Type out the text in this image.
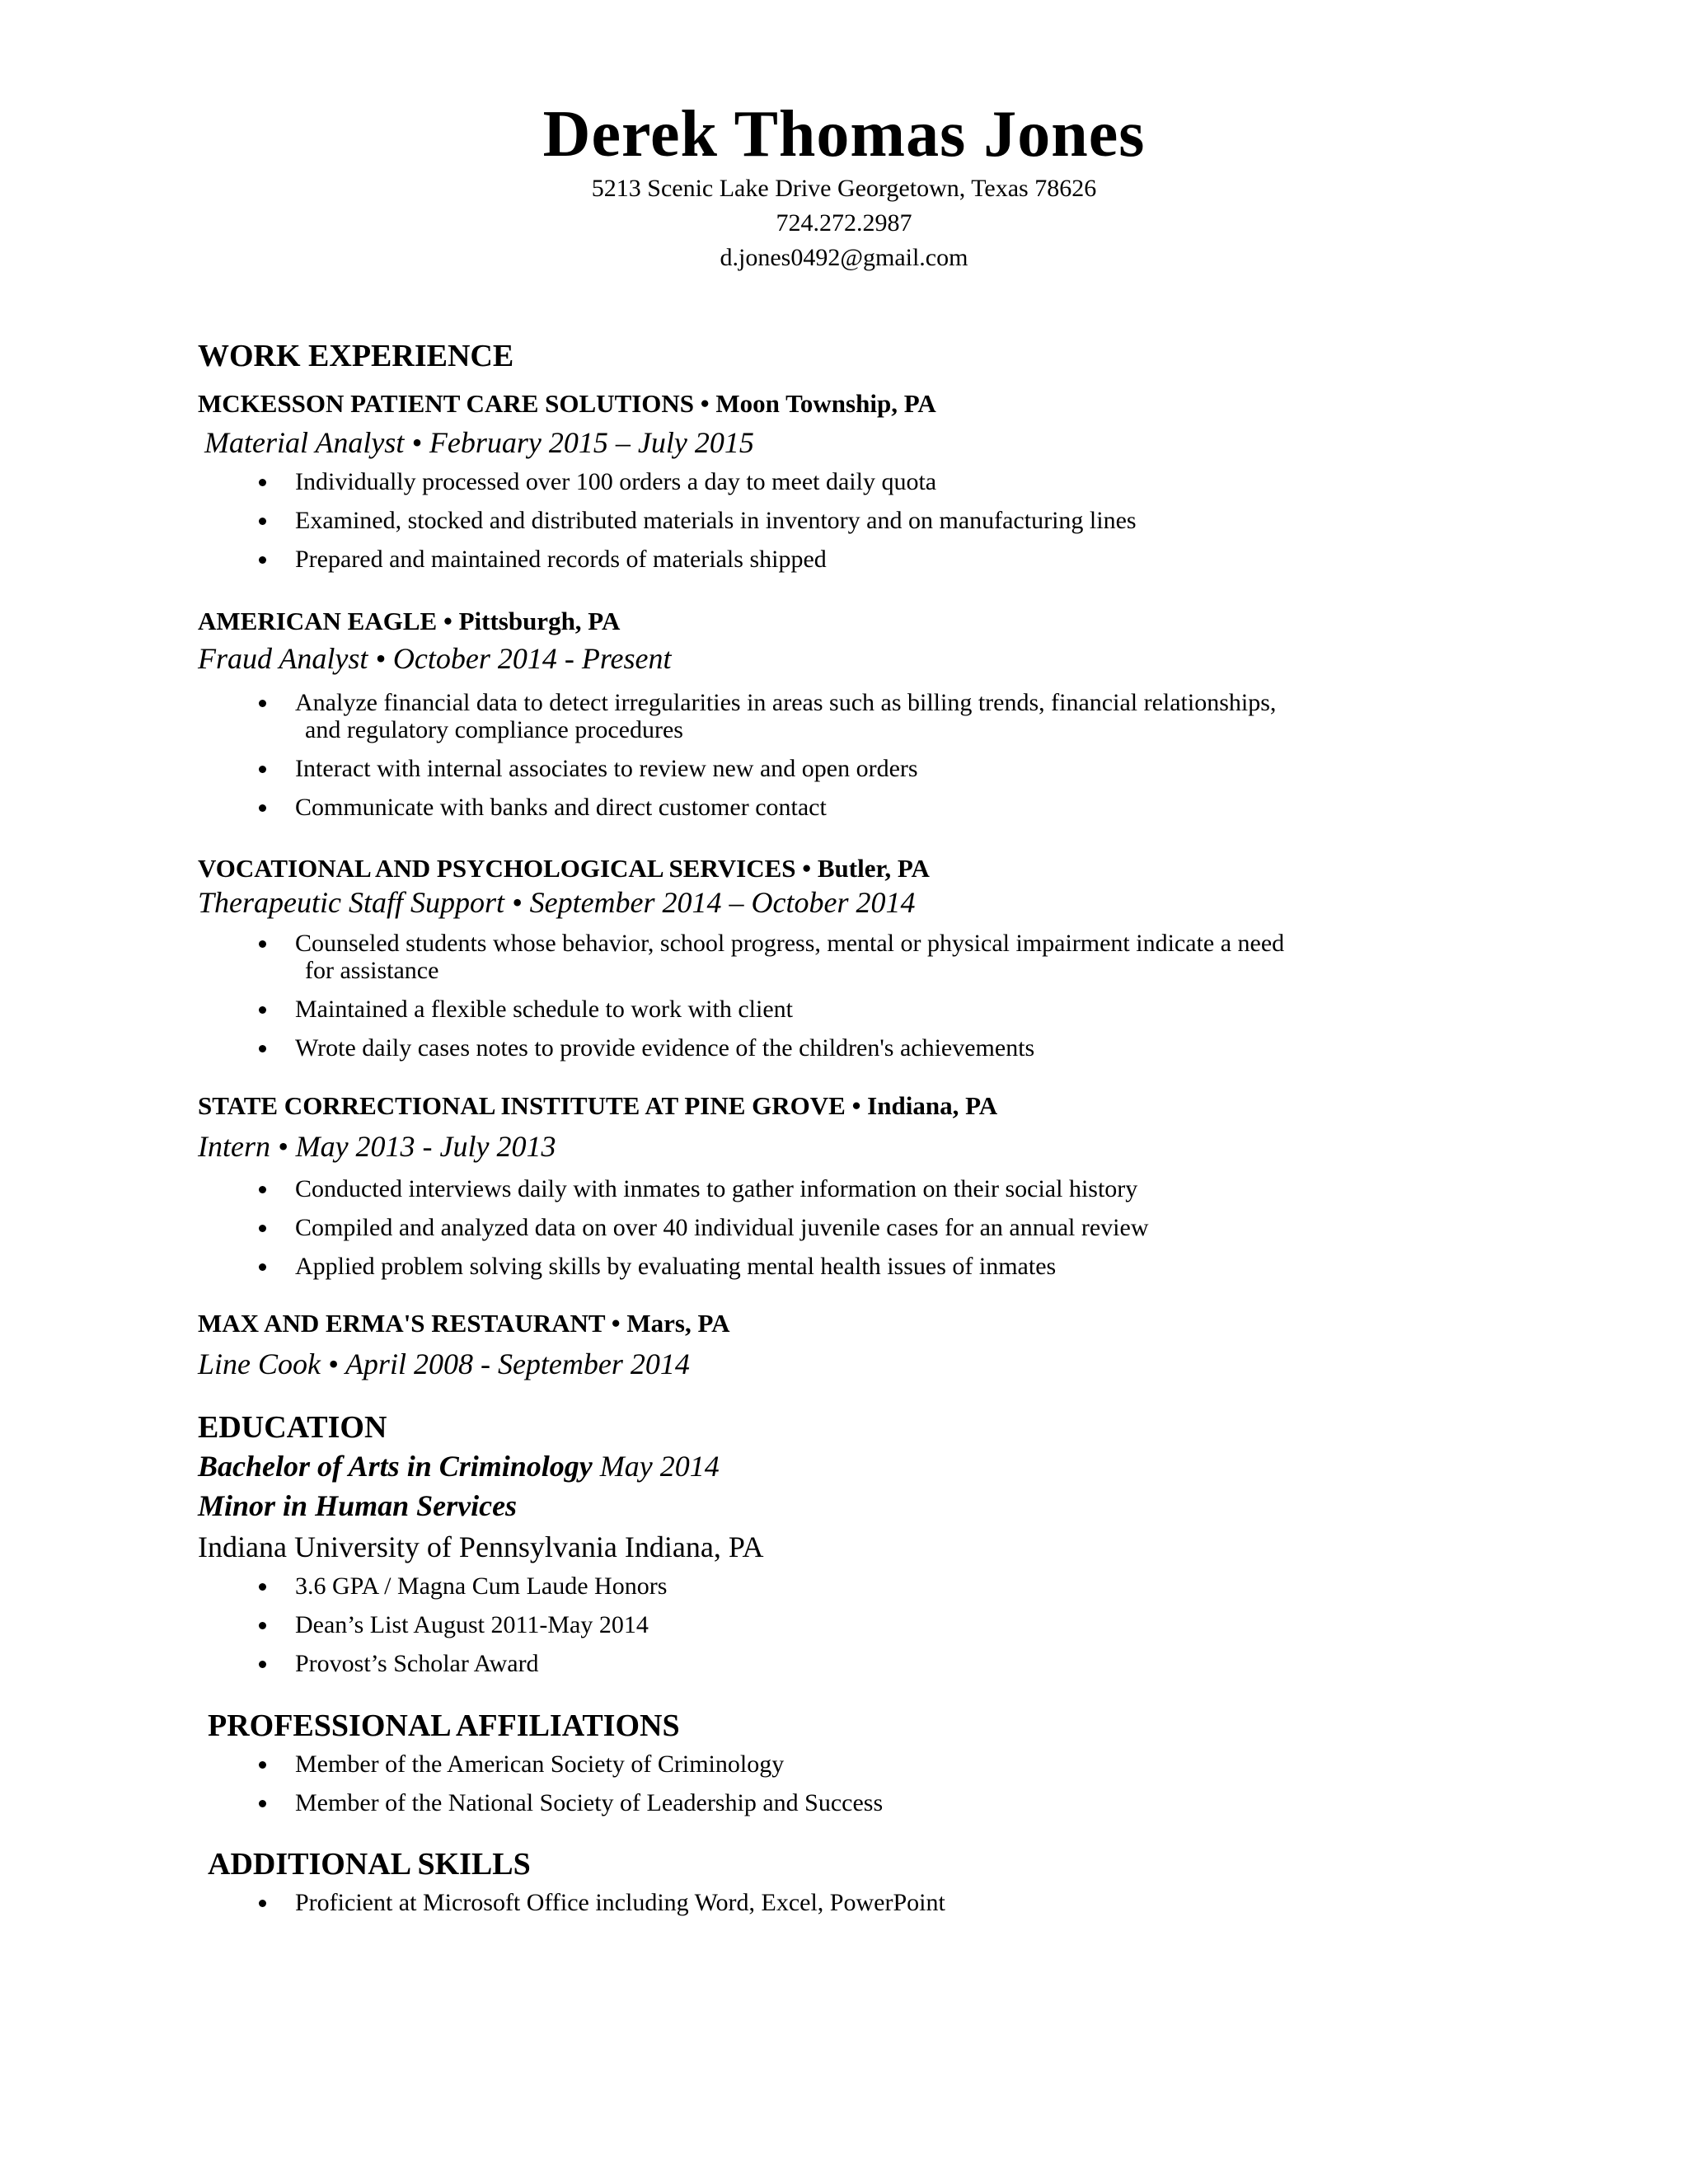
Derek Thomas Jones
5213 Scenic Lake Drive Georgetown, Texas 78626
724.272.2987
d.jones0492@gmail.com
WORK EXPERIENCE
MCKESSON PATIENT CARE SOLUTIONS • Moon Township, PA
Material Analyst • February 2015 – July 2015
Individually processed over 100 orders a day to meet daily quota
Examined, stocked and distributed materials in inventory and on manufacturing lines
Prepared and maintained records of materials shipped
AMERICAN EAGLE • Pittsburgh, PA
Fraud Analyst • October 2014 - Present
Analyze financial data to detect irregularities in areas such as billing trends, financial relationships,
and regulatory compliance procedures
Interact with internal associates to review new and open orders
Communicate with banks and direct customer contact
VOCATIONAL AND PSYCHOLOGICAL SERVICES • Butler, PA
Therapeutic Staff Support • September 2014 – October 2014
Counseled students whose behavior, school progress, mental or physical impairment indicate a need
for assistance
Maintained a flexible schedule to work with client
Wrote daily cases notes to provide evidence of the children's achievements
STATE CORRECTIONAL INSTITUTE AT PINE GROVE • Indiana, PA
Intern • May 2013 - July 2013
Conducted interviews daily with inmates to gather information on their social history
Compiled and analyzed data on over 40 individual juvenile cases for an annual review
Applied problem solving skills by evaluating mental health issues of inmates
MAX AND ERMA'S RESTAURANT • Mars, PA
Line Cook • April 2008 - September 2014
EDUCATION
Bachelor of Arts in Criminology May 2014
Minor in Human Services
Indiana University of Pennsylvania Indiana, PA
3.6 GPA / Magna Cum Laude Honors
Dean’s List August 2011-May 2014
Provost’s Scholar Award
PROFESSIONAL AFFILIATIONS
Member of the American Society of Criminology
Member of the National Society of Leadership and Success
ADDITIONAL SKILLS
Proficient at Microsoft Office including Word, Excel, PowerPoint
